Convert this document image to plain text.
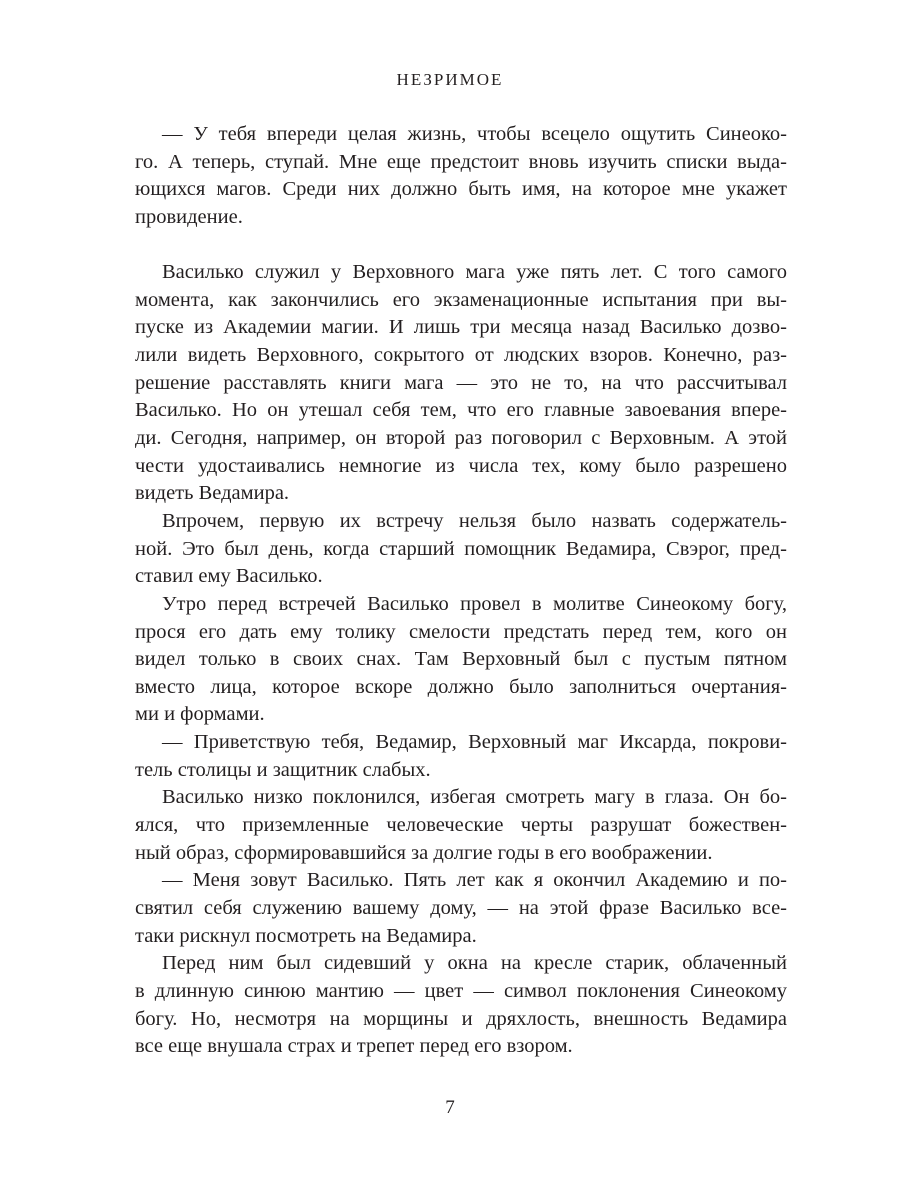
НЕЗРИМОЕ
— У тебя впереди целая жизнь, чтобы всецело ощутить Синеоко-
го. А теперь, ступай. Мне еще предстоит вновь изучить списки выда-
ющихся магов. Среди них должно быть имя, на которое мне укажет
провидение.
Василько служил у Верховного мага уже пять лет. С того самого
момента, как закончились его экзаменационные испытания при вы-
пуске из Академии магии. И лишь три месяца назад Василько дозво-
лили видеть Верховного, сокрытого от людских взоров. Конечно, раз-
решение расставлять книги мага — это не то, на что рассчитывал
Василько. Но он утешал себя тем, что его главные завоевания впере-
ди. Сегодня, например, он второй раз поговорил с Верховным. А этой
чести удостаивались немногие из числа тех, кому было разрешено
видеть Ведамира.
Впрочем, первую их встречу нельзя было назвать содержатель-
ной. Это был день, когда старший помощник Ведамира, Свэрог, пред-
ставил ему Василько.
Утро перед встречей Василько провел в молитве Синеокому богу,
прося его дать ему толику смелости предстать перед тем, кого он
видел только в своих снах. Там Верховный был с пустым пятном
вместо лица, которое вскоре должно было заполниться очертания-
ми и формами.
— Приветствую тебя, Ведамир, Верховный маг Иксарда, покрови-
тель столицы и защитник слабых.
Василько низко поклонился, избегая смотреть магу в глаза. Он бо-
ялся, что приземленные человеческие черты разрушат божествен-
ный образ, сформировавшийся за долгие годы в его воображении.
— Меня зовут Василько. Пять лет как я окончил Академию и по-
святил себя служению вашему дому, — на этой фразе Василько все-
таки рискнул посмотреть на Ведамира.
Перед ним был сидевший у окна на кресле старик, облаченный
в длинную синюю мантию — цвет — символ поклонения Синеокому
богу. Но, несмотря на морщины и дряхлость, внешность Ведамира
все еще внушала страх и трепет перед его взором.
7
